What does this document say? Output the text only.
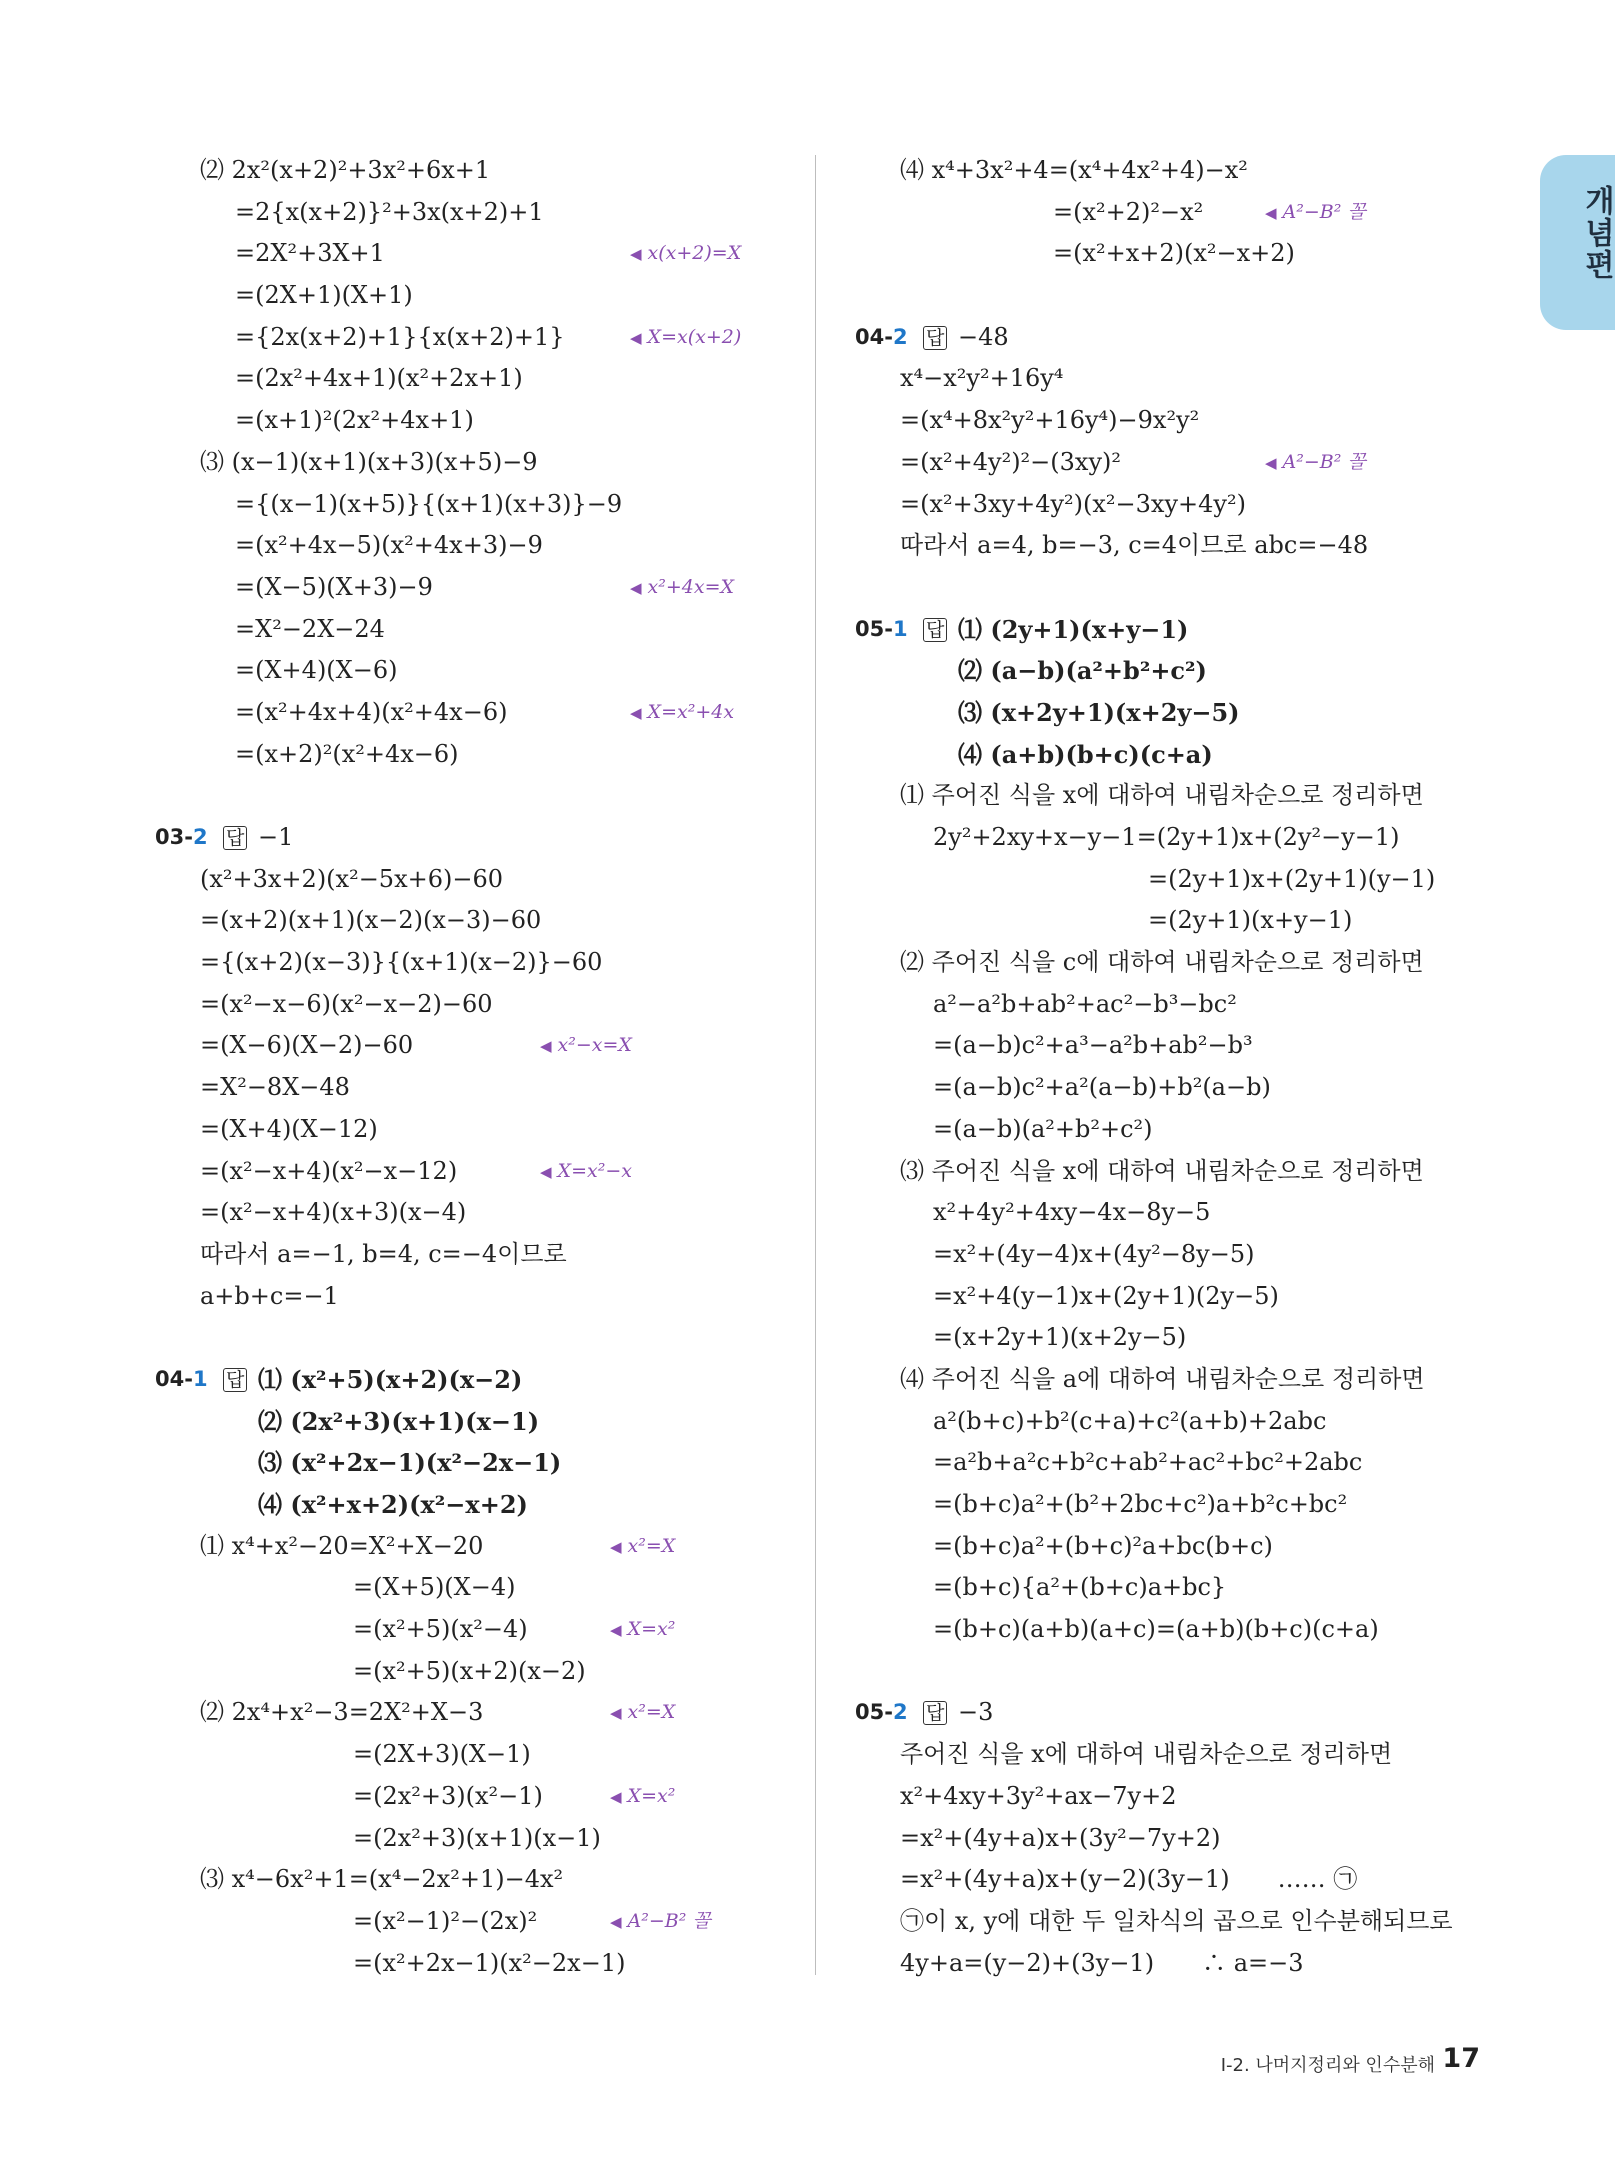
⑵ 2x²(x+2)²+3x²+6x+1
=2{x(x+2)}²+3x(x+2)+1
=2X²+3X+1	◀ x(x+2)=X
=(2X+1)(X+1)
={2x(x+2)+1}{x(x+2)+1}	◀ X=x(x+2)
=(2x²+4x+1)(x²+2x+1)
=(x+1)²(2x²+4x+1)
⑶ (x−1)(x+1)(x+3)(x+5)−9
={(x−1)(x+5)}{(x+1)(x+3)}−9
=(x²+4x−5)(x²+4x+3)−9
=(X−5)(X+3)−9	◀ x²+4x=X
=X²−2X−24
=(X+4)(X−6)
=(x²+4x+4)(x²+4x−6)	◀ X=x²+4x
=(x+2)²(x²+4x−6)
03-2 답 −1
(x²+3x+2)(x²−5x+6)−60
=(x+2)(x+1)(x−2)(x−3)−60
={(x+2)(x−3)}{(x+1)(x−2)}−60
=(x²−x−6)(x²−x−2)−60
=(X−6)(X−2)−60	◀ x²−x=X
=X²−8X−48
=(X+4)(X−12)
=(x²−x+4)(x²−x−12)	◀ X=x²−x
=(x²−x+4)(x+3)(x−4)
따라서 a=−1, b=4, c=−4이므로
a+b+c=−1
04-1 답 ⑴ (x²+5)(x+2)(x−2)
⑵ (2x²+3)(x+1)(x−1)
⑶ (x²+2x−1)(x²−2x−1)
⑷ (x²+x+2)(x²−x+2)
⑴ x⁴+x²−20=X²+X−20	◀ x²=X
=(X+5)(X−4)
=(x²+5)(x²−4)	◀ X=x²
=(x²+5)(x+2)(x−2)
⑵ 2x⁴+x²−3=2X²+X−3	◀ x²=X
=(2X+3)(X−1)
=(2x²+3)(x²−1)	◀ X=x²
=(2x²+3)(x+1)(x−1)
⑶ x⁴−6x²+1=(x⁴−2x²+1)−4x²
=(x²−1)²−(2x)²	◀ A²−B² 꼴
=(x²+2x−1)(x²−2x−1)
⑷ x⁴+3x²+4=(x⁴+4x²+4)−x²
=(x²+2)²−x²	◀ A²−B² 꼴
=(x²+x+2)(x²−x+2)
04-2 답 −48
x⁴−x²y²+16y⁴
=(x⁴+8x²y²+16y⁴)−9x²y²
=(x²+4y²)²−(3xy)²	◀ A²−B² 꼴
=(x²+3xy+4y²)(x²−3xy+4y²)
따라서 a=4, b=−3, c=4이므로 abc=−48
05-1 답 ⑴ (2y+1)(x+y−1)
⑵ (a−b)(a²+b²+c²)
⑶ (x+2y+1)(x+2y−5)
⑷ (a+b)(b+c)(c+a)
⑴ 주어진 식을 x에 대하여 내림차순으로 정리하면
2y²+2xy+x−y−1=(2y+1)x+(2y²−y−1)
=(2y+1)x+(2y+1)(y−1)
=(2y+1)(x+y−1)
⑵ 주어진 식을 c에 대하여 내림차순으로 정리하면
a²−a²b+ab²+ac²−b³−bc²
=(a−b)c²+a³−a²b+ab²−b³
=(a−b)c²+a²(a−b)+b²(a−b)
=(a−b)(a²+b²+c²)
⑶ 주어진 식을 x에 대하여 내림차순으로 정리하면
x²+4y²+4xy−4x−8y−5
=x²+(4y−4)x+(4y²−8y−5)
=x²+4(y−1)x+(2y+1)(2y−5)
=(x+2y+1)(x+2y−5)
⑷ 주어진 식을 a에 대하여 내림차순으로 정리하면
a²(b+c)+b²(c+a)+c²(a+b)+2abc
=a²b+a²c+b²c+ab²+ac²+bc²+2abc
=(b+c)a²+(b²+2bc+c²)a+b²c+bc²
=(b+c)a²+(b+c)²a+bc(b+c)
=(b+c){a²+(b+c)a+bc}
=(b+c)(a+b)(a+c)=(a+b)(b+c)(c+a)
05-2 답 −3
주어진 식을 x에 대하여 내림차순으로 정리하면
x²+4xy+3y²+ax−7y+2
=x²+(4y+a)x+(3y²−7y+2)
=x²+(4y+a)x+(y−2)(3y−1)　　…… ㉠
㉠이 x, y에 대한 두 일차식의 곱으로 인수분해되므로
4y+a=(y−2)+(3y−1)　　∴ a=−3
개념편
Ⅰ-2. 나머지정리와 인수분해 17
